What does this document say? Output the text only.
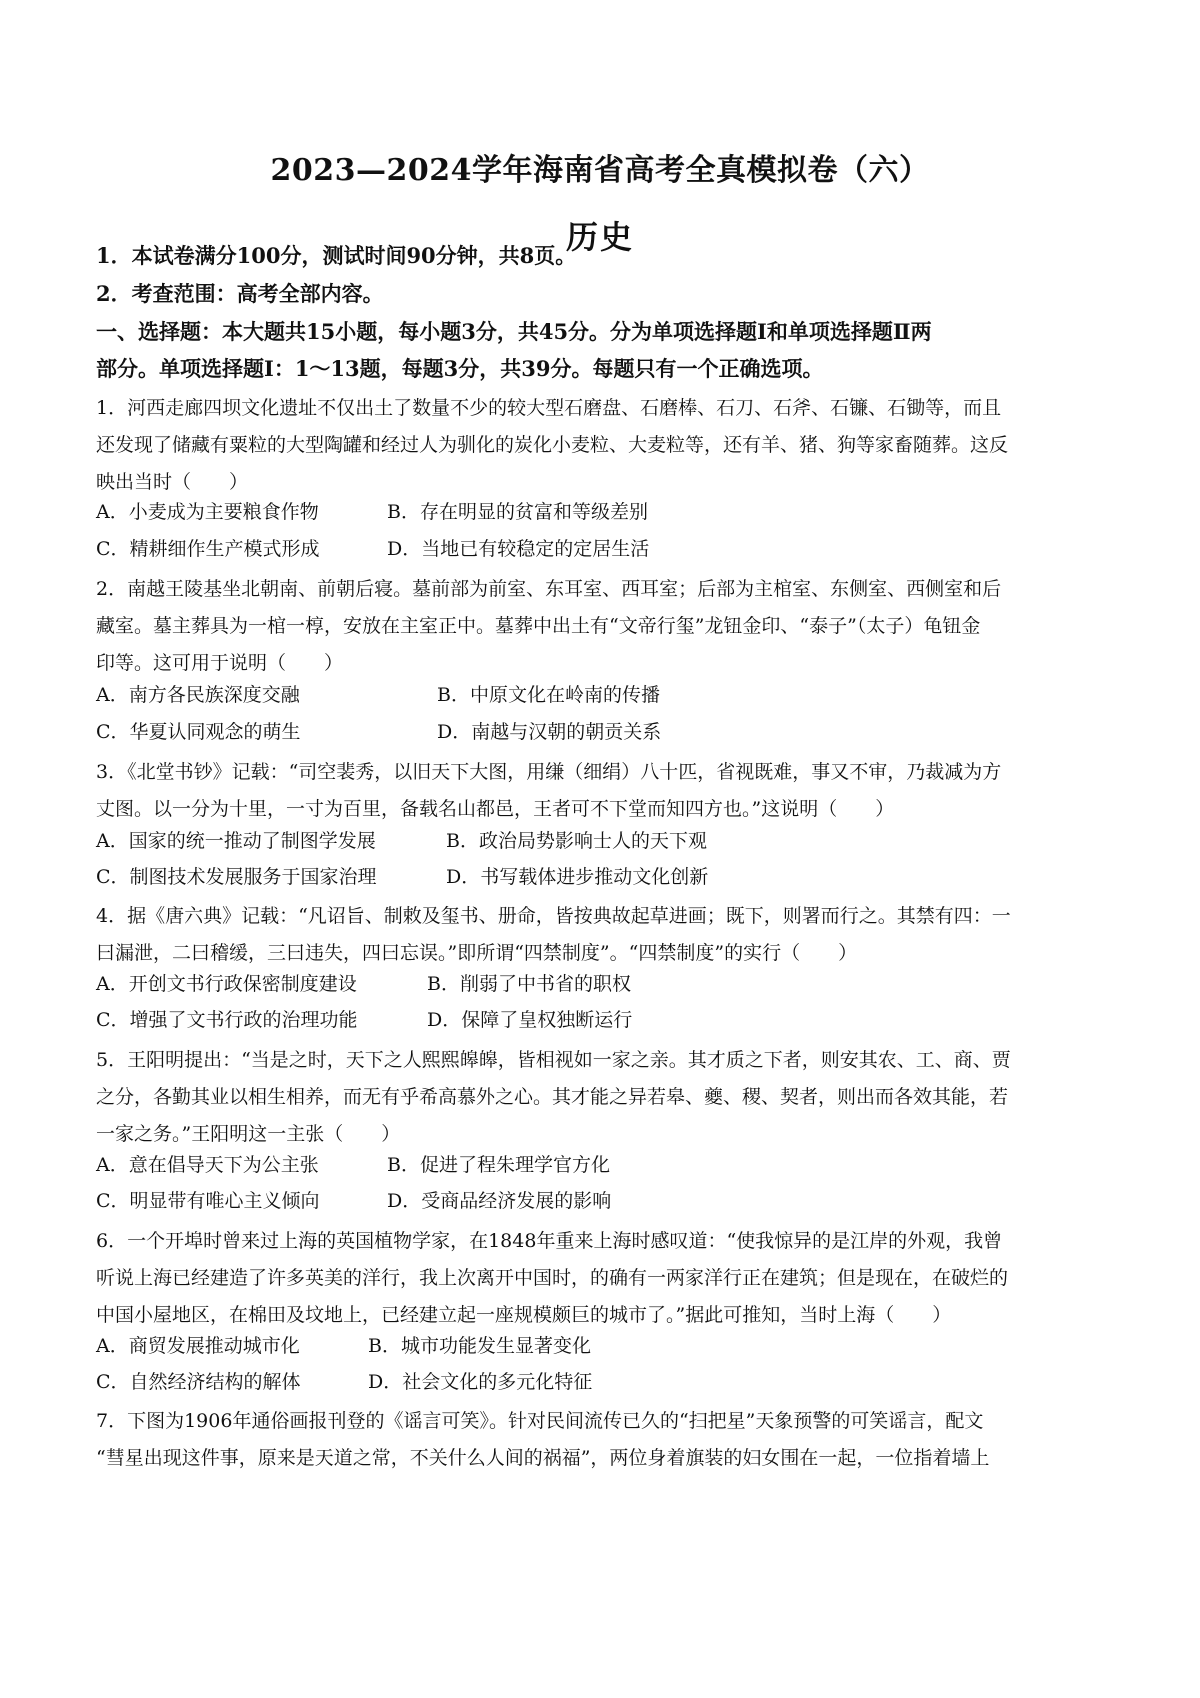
2023—2024学年海南省高考全真模拟卷（六）
历史
1．本试卷满分100分，测试时间90分钟，共8页。
2．考查范围：高考全部内容。
一、选择题：本大题共15小题，每小题3分，共45分。分为单项选择题Ⅰ和单项选择题Ⅱ两
部分。单项选择题Ⅰ：1～13题，每题3分，共39分。每题只有一个正确选项。
1．河西走廊四坝文化遗址不仅出土了数量不少的较大型石磨盘、石磨棒、石刀、石斧、石镰、石锄等，而且
还发现了储藏有粟粒的大型陶罐和经过人为驯化的炭化小麦粒、大麦粒等，还有羊、猪、狗等家畜随葬。这反
映出当时（　　）
A．小麦成为主要粮食作物	B．存在明显的贫富和等级差别
C．精耕细作生产模式形成	D．当地已有较稳定的定居生活
2．南越王陵基坐北朝南、前朝后寝。墓前部为前室、东耳室、西耳室；后部为主棺室、东侧室、西侧室和后
藏室。墓主葬具为一棺一椁，安放在主室正中。墓葬中出土有“文帝行玺”龙钮金印、“泰子”（太子）龟钮金
印等。这可用于说明（　　）
A．南方各民族深度交融	B．中原文化在岭南的传播
C．华夏认同观念的萌生	D．南越与汉朝的朝贡关系
3．《北堂书钞》记载：“司空裴秀，以旧天下大图，用缣（细绢）八十匹，省视既难，事又不审，乃裁减为方
丈图。以一分为十里，一寸为百里，备载名山都邑，王者可不下堂而知四方也。”这说明（　　）
A．国家的统一推动了制图学发展	B．政治局势影响士人的天下观
C．制图技术发展服务于国家治理	D．书写载体进步推动文化创新
4．据《唐六典》记载：“凡诏旨、制敕及玺书、册命，皆按典故起草进画；既下，则署而行之。其禁有四：一
曰漏泄，二曰稽缓，三曰违失，四曰忘误。”即所谓“四禁制度”。“四禁制度”的实行（　　）
A．开创文书行政保密制度建设	B．削弱了中书省的职权
C．增强了文书行政的治理功能	D．保障了皇权独断运行
5．王阳明提出：“当是之时，天下之人熙熙皞皞，皆相视如一家之亲。其才质之下者，则安其农、工、商、贾
之分，各勤其业以相生相养，而无有乎希高慕外之心。其才能之异若皋、夔、稷、契者，则出而各效其能，若
一家之务。”王阳明这一主张（　　）
A．意在倡导天下为公主张	B．促进了程朱理学官方化
C．明显带有唯心主义倾向	D．受商品经济发展的影响
6．一个开埠时曾来过上海的英国植物学家，在1848年重来上海时感叹道：“使我惊异的是江岸的外观，我曾
听说上海已经建造了许多英美的洋行，我上次离开中国时，的确有一两家洋行正在建筑；但是现在，在破烂的
中国小屋地区，在棉田及坟地上，已经建立起一座规模颇巨的城市了。”据此可推知，当时上海（　　）
A．商贸发展推动城市化	B．城市功能发生显著变化
C．自然经济结构的解体	D．社会文化的多元化特征
7．下图为1906年通俗画报刊登的《谣言可笑》。针对民间流传已久的“扫把星”天象预警的可笑谣言，配文
“彗星出现这件事，原来是天道之常，不关什么人间的祸福”，两位身着旗装的妇女围在一起，一位指着墙上
